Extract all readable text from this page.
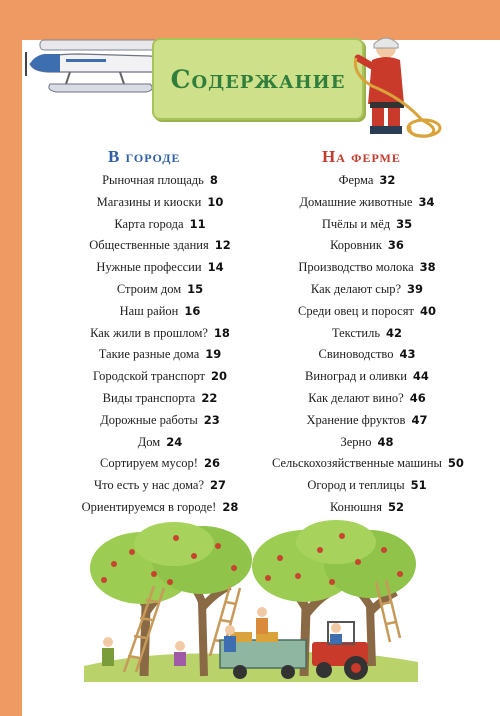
Содержание
В городе	На ферме
Рыночная площадь 8
Магазины и киоски 10
Карта города 11
Общественные здания 12
Нужные профессии 14
Строим дом 15
Наш район 16
Как жили в прошлом? 18
Такие разные дома 19
Городской транспорт 20
Виды транспорта 22
Дорожные работы 23
Дом 24
Сортируем мусор! 26
Что есть у нас дома? 27
Ориентируемся в городе! 28
Ферма 32
Домашние животные 34
Пчёлы и мёд 35
Коровник 36
Производство молока 38
Как делают сыр? 39
Среди овец и поросят 40
Текстиль 42
Свиноводство 43
Виноград и оливки 44
Как делают вино? 46
Хранение фруктов 47
Зерно 48
Сельскохозяйственные машины 50
Огород и теплицы 51
Конюшня 52
